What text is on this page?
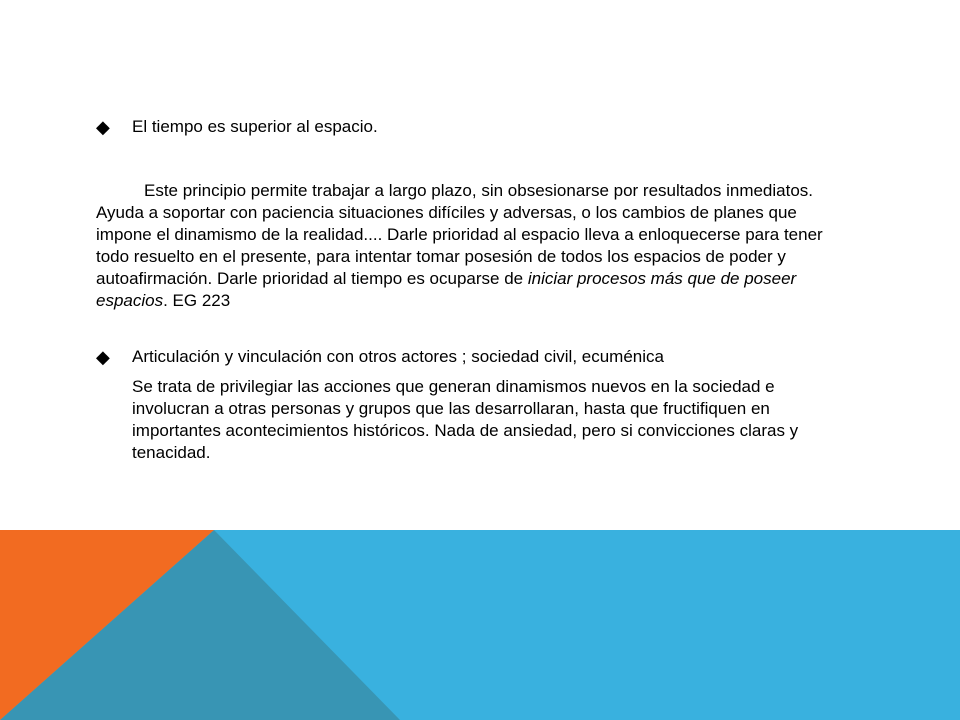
◆ El tiempo es superior al espacio.

Este principio permite trabajar a largo plazo, sin obsesionarse por resultados inmediatos. Ayuda a soportar con paciencia situaciones difíciles y adversas, o los cambios de planes que impone el dinamismo de la realidad.... Darle prioridad al espacio lleva a enloquecerse para tener todo resuelto en el presente, para intentar tomar posesión de todos los espacios de poder y autoafirmación. Darle prioridad al tiempo es ocuparse de iniciar procesos más que de poseer espacios. EG 223

◆ Articulación y vinculación con otros actores ; sociedad civil, ecuménica

Se trata de privilegiar las acciones que generan dinamismos nuevos en la sociedad e involucran a otras personas y grupos que las desarrollaran, hasta que fructifiquen en importantes acontecimientos históricos. Nada de ansiedad, pero si convicciones claras y tenacidad.
